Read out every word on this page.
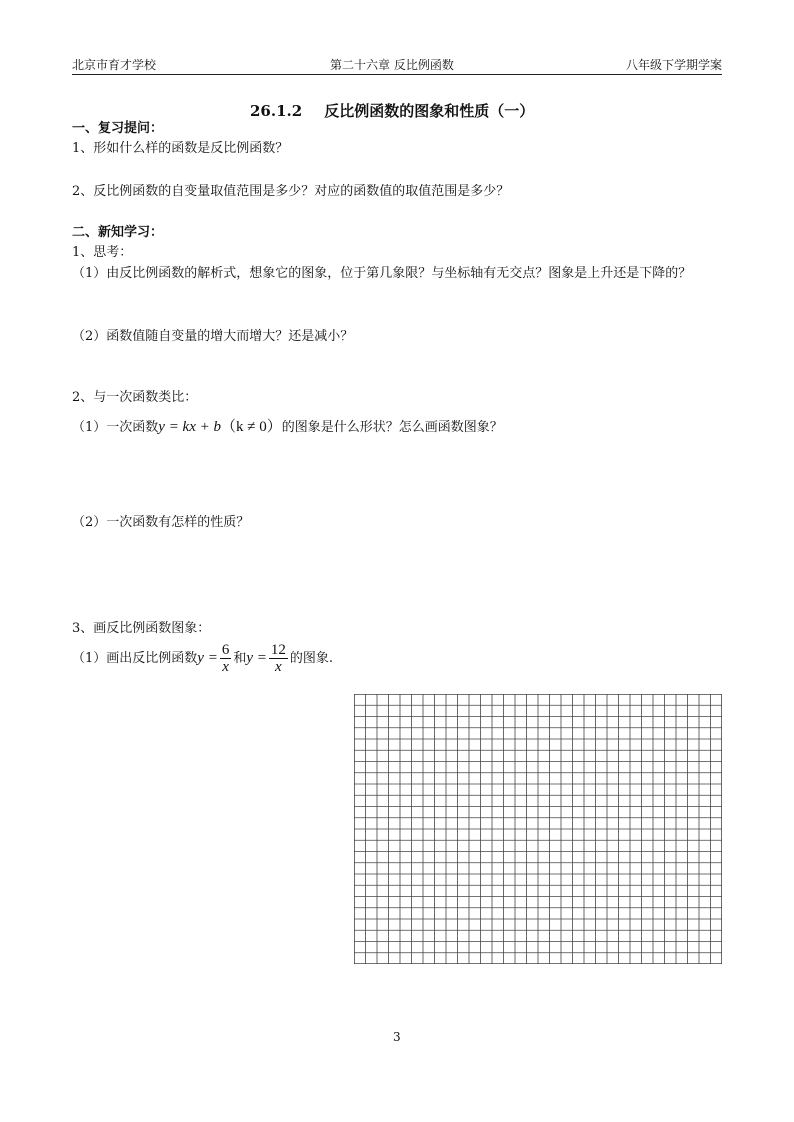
北京市育才学校	第二十六章 反比例函数	八年级下学期学案
26.1.2 反比例函数的图象和性质（一）
一、复习提问：
1、形如什么样的函数是反比例函数？
2、反比例函数的自变量取值范围是多少？对应的函数值的取值范围是多少？
二、新知学习：
1、思考：
（1）由反比例函数的解析式，想象它的图象，位于第几象限？与坐标轴有无交点？图象是上升还是下降的？
（2）函数值随自变量的增大而增大？还是减小？
2、与一次函数类比：
（1）一次函数y = kx + b（k ≠ 0）的图象是什么形状？怎么画函数图象？
（2）一次函数有怎样的性质？
3、画反比例函数图象：
（1）画出反比例函数$y = \frac{6}{x}$ 和$y = \frac{12}{x}$ 的图象.
3
